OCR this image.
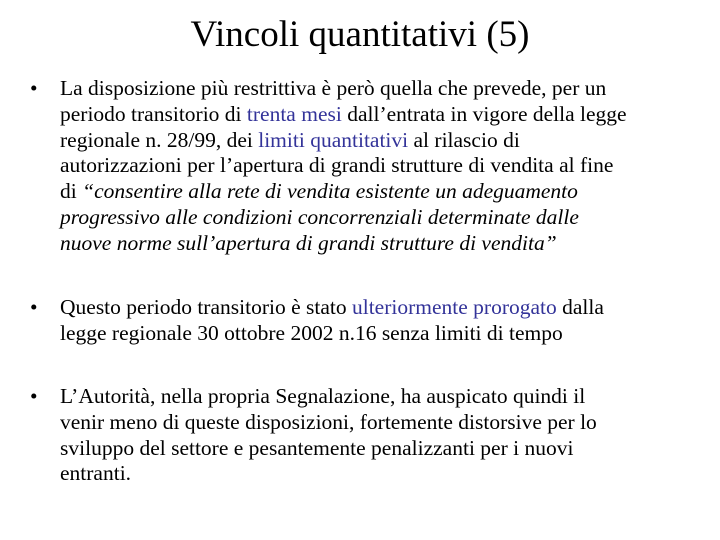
Vincoli quantitativi (5)
• La disposizione più restrittiva è però quella che prevede, per un
periodo transitorio di trenta mesi dall’entrata in vigore della legge
regionale n. 28/99, dei limiti quantitativi al rilascio di
autorizzazioni per l’apertura di grandi strutture di vendita al fine
di “consentire alla rete di vendita esistente un adeguamento
progressivo alle condizioni concorrenziali determinate dalle
nuove norme sull’apertura di grandi strutture di vendita”
• Questo periodo transitorio è stato ulteriormente prorogato dalla
legge regionale 30 ottobre 2002 n.16 senza limiti di tempo
• L’Autorità, nella propria Segnalazione, ha auspicato quindi il
venir meno di queste disposizioni, fortemente distorsive per lo
sviluppo del settore e pesantemente penalizzanti per i nuovi
entranti.
